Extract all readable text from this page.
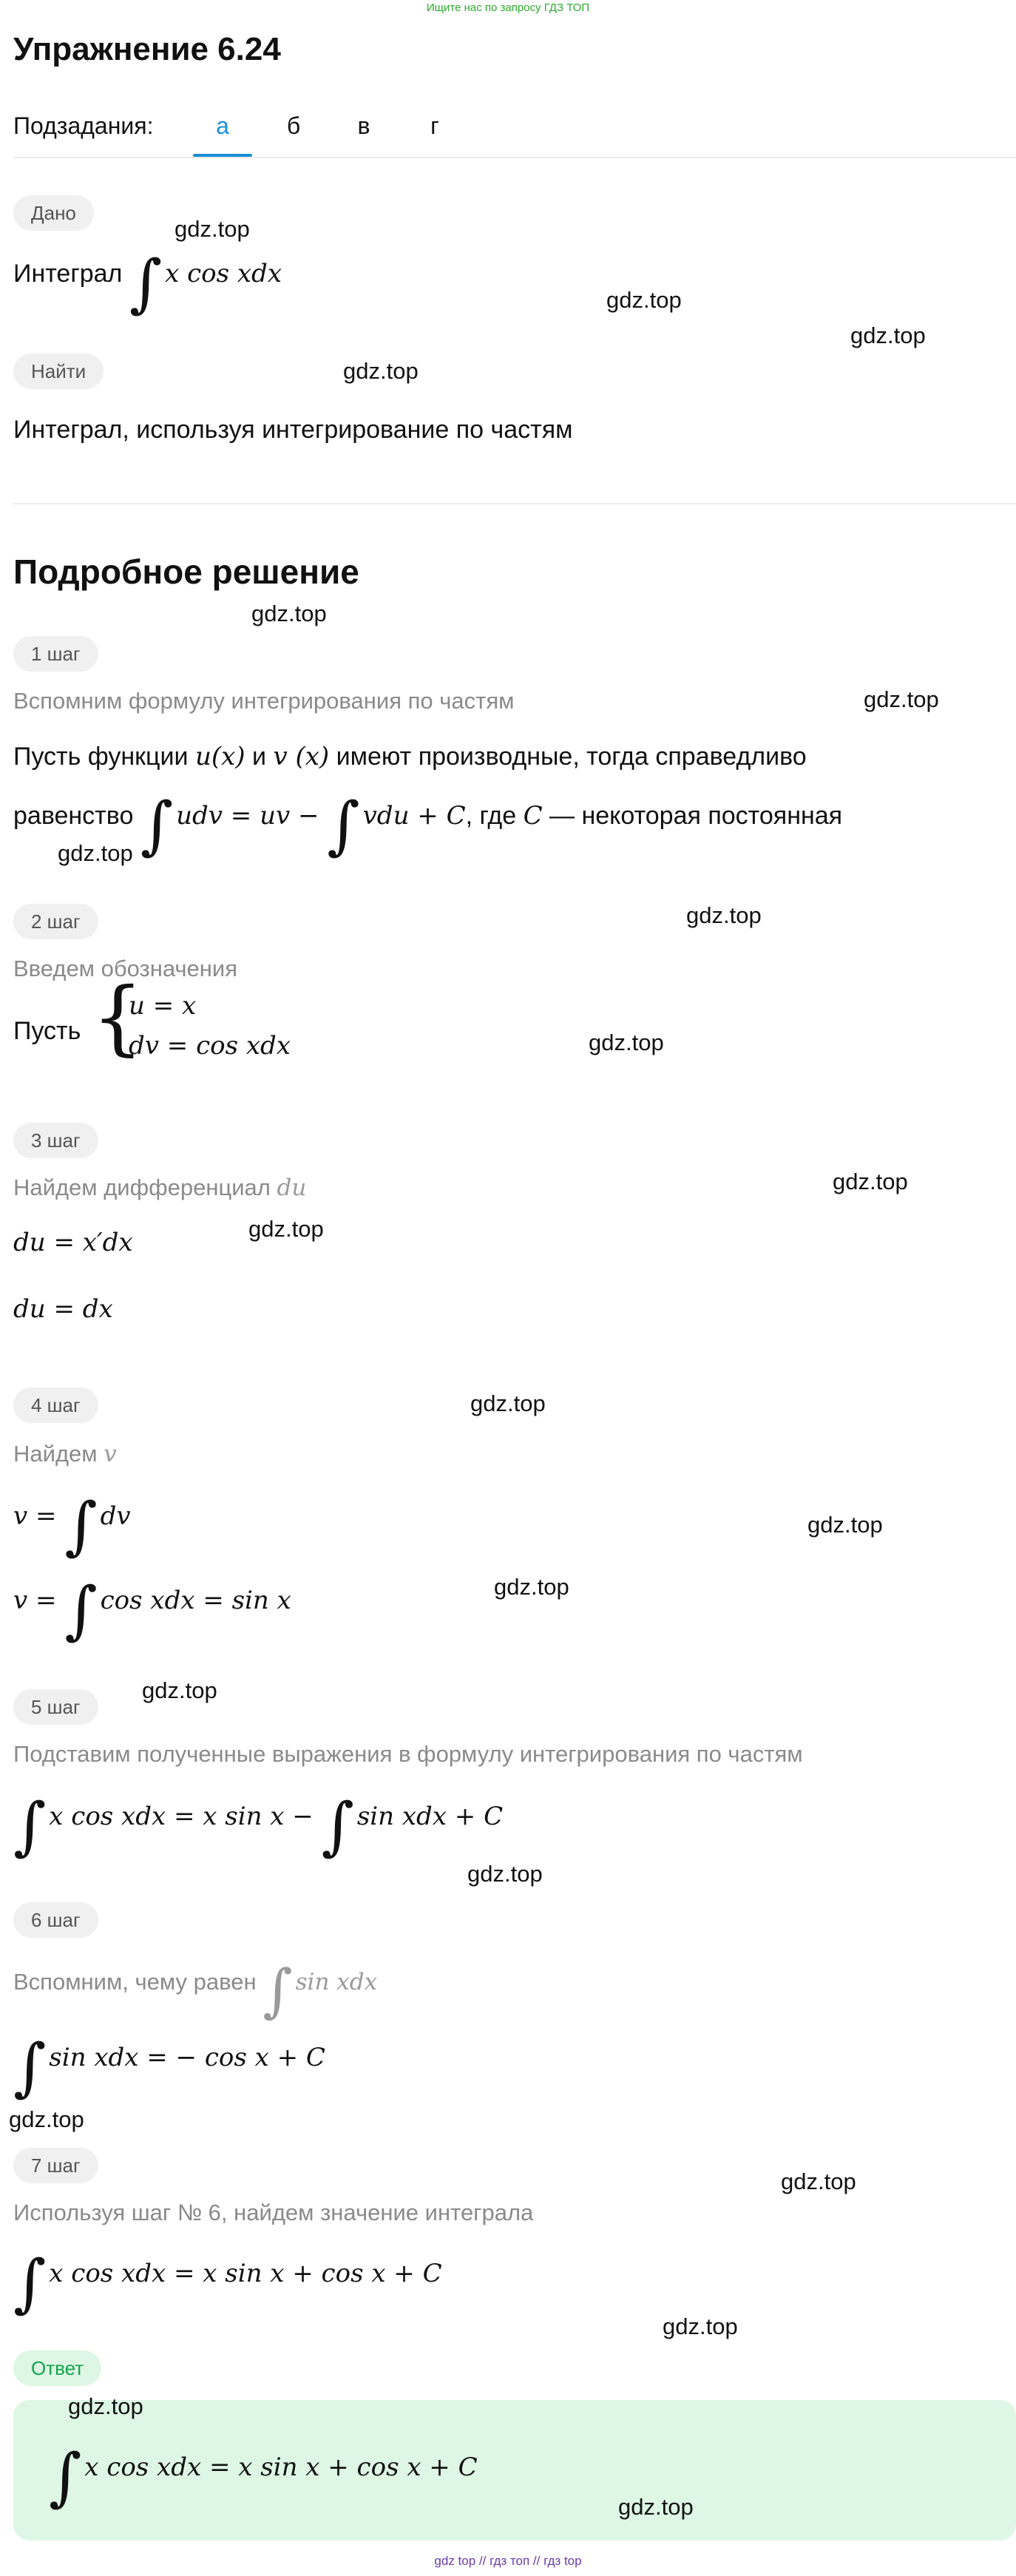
Ищите нас по запросу ГДЗ ТОП
Упражнение 6.24
Подзадания:	а	б	в	г
Дано
Интеграл ∫ x cos xdx
Найти
Интеграл, используя интегрирование по частям
Подробное решение
1 шаг
Вспомним формулу интегрирования по частям
Пусть функции u(x) и v (x) имеют производные, тогда справедливо
равенство ∫ udv = uv − ∫ vdu + C, где C — некоторая постоянная
2 шаг
Введем обозначения
Пусть {
u = x
dv = cos xdx
3 шаг
Найдем дифференциал du
du = x′dx
du = dx
4 шаг
Найдем v
v = ∫ dv
v = ∫ cos xdx = sin x
5 шаг
Подставим полученные выражения в формулу интегрирования по частям
∫ x cos xdx = x sin x − ∫ sin xdx + C
6 шаг
Вспомним, чему равен ∫ sin xdx
∫ sin xdx = − cos x + C
7 шаг
Используя шаг № 6, найдем значение интеграла
∫ x cos xdx = x sin x + cos x + C
Ответ
∫ x cos xdx = x sin x + cos x + C
gdz.top
gdz.top
gdz.top
gdz.top
gdz.top
gdz.top
gdz.top
gdz.top
gdz.top
gdz.top
gdz.top
gdz.top
gdz.top
gdz.top
gdz.top
gdz.top
gdz.top
gdz.top
gdz.top
gdz.top
gdz.top
gdz top // гдз топ // гдз top
